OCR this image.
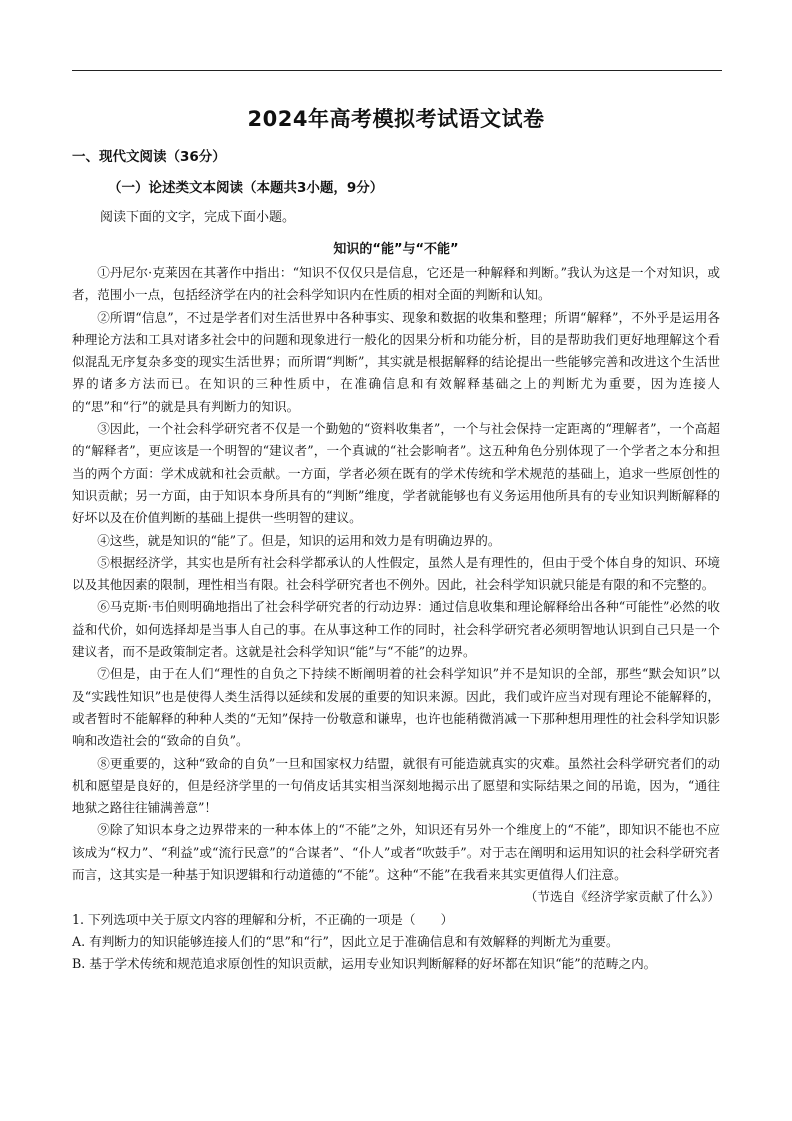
2024年高考模拟考试语文试卷
一、现代文阅读（36分）
（一）论述类文本阅读（本题共3小题，9分）
阅读下面的文字，完成下面小题。
知识的“能”与“不能”

①丹尼尔·克莱因在其著作中指出：“知识不仅仅只是信息，它还是一种解释和判断。”我认为这是一个对知识，或者，范围小一点，包括经济学在内的社会科学知识内在性质的相对全面的判断和认知。

②所谓“信息”，不过是学者们对生活世界中各种事实、现象和数据的收集和整理；所谓“解释”，不外乎是运用各种理论方法和工具对诸多社会中的问题和现象进行一般化的因果分析和功能分析，目的是帮助我们更好地理解这个看似混乱无序复杂多变的现实生活世界；而所谓“判断”，其实就是根据解释的结论提出一些能够完善和改进这个生活世界的诸多方法而已。在知识的三种性质中，在准确信息和有效解释基础之上的判断尤为重要，因为连接人的“思”和“行”的就是具有判断力的知识。

③因此，一个社会科学研究者不仅是一个勤勉的“资料收集者”，一个与社会保持一定距离的“理解者”，一个高超的“解释者”，更应该是一个明智的“建议者”，一个真诚的“社会影响者”。这五种角色分别体现了一个学者之本分和担当的两个方面：学术成就和社会贡献。一方面，学者必须在既有的学术传统和学术规范的基础上，追求一些原创性的知识贡献；另一方面，由于知识本身所具有的“判断”维度，学者就能够也有义务运用他所具有的专业知识判断解释的好坏以及在价值判断的基础上提供一些明智的建议。

④这些，就是知识的“能”了。但是，知识的运用和效力是有明确边界的。

⑤根据经济学，其实也是所有社会科学都承认的人性假定，虽然人是有理性的，但由于受个体自身的知识、环境以及其他因素的限制，理性相当有限。社会科学研究者也不例外。因此，社会科学知识就只能是有限的和不完整的。

⑥马克斯·韦伯则明确地指出了社会科学研究者的行动边界：通过信息收集和理论解释给出各种“可能性”必然的收益和代价，如何选择却是当事人自己的事。在从事这种工作的同时，社会科学研究者必须明智地认识到自己只是一个建议者，而不是政策制定者。这就是社会科学知识“能”与“不能”的边界。

⑦但是，由于在人们“理性的自负之下持续不断阐明着的社会科学知识”并不是知识的全部，那些“默会知识”以及“实践性知识”也是使得人类生活得以延续和发展的重要的知识来源。因此，我们或许应当对现有理论不能解释的，或者暂时不能解释的种种人类的“无知”保持一份敬意和谦卑，也许也能稍微消减一下那种想用理性的社会科学知识影响和改造社会的“致命的自负”。

⑧更重要的，这种“致命的自负”一旦和国家权力结盟，就很有可能造就真实的灾难。虽然社会科学研究者们的动机和愿望是良好的，但是经济学里的一句俏皮话其实相当深刻地揭示出了愿望和实际结果之间的吊诡，因为，“通往地狱之路往往铺满善意”！

⑨除了知识本身之边界带来的一种本体上的“不能”之外，知识还有另外一个维度上的“不能”，即知识不能也不应该成为“权力”、“利益”或“流行民意”的“合谋者”、“仆人”或者“吹鼓手”。对于志在阐明和运用知识的社会科学研究者而言，这其实是一种基于知识逻辑和行动道德的“不能”。这种“不能”在我看来其实更值得人们注意。

（节选自《经济学家贡献了什么》）

1. 下列选项中关于原文内容的理解和分析，不正确的一项是（　　）

A. 有判断力的知识能够连接人们的“思”和“行”，因此立足于准确信息和有效解释的判断尤为重要。

B. 基于学术传统和规范追求原创性的知识贡献，运用专业知识判断解释的好坏都在知识“能”的范畴之内。
